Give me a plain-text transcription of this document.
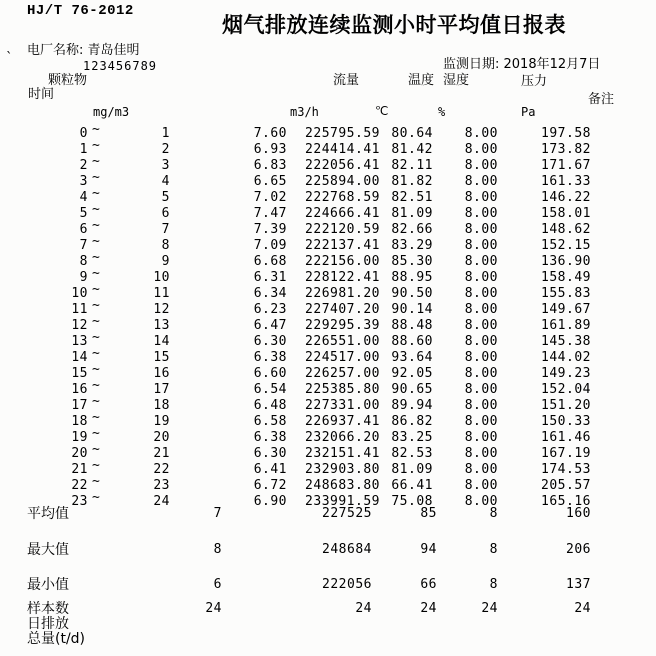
HJ/T 76-2012
烟气排放连续监测小时平均值日报表
电厂名称: 青岛佳明
`	123456789	监测日期: 2018年12月7日
颗粒物	流量	温度 湿度	压力
时间	备注
mg/m3	m3/h	℃	%	Pa
0 ~	1	7.60	225795.59 80.64	8.00	197.58
1 ~	2	6.93	224414.41 81.42	8.00	173.82
2 ~	3	6.83	222056.41 82.11	8.00	171.67
3 ~	4	6.65	225894.00 81.82	8.00	161.33
4 ~	5	7.02	222768.59 82.51	8.00	146.22
5 ~	6	7.47	224666.41 81.09	8.00	158.01
6 ~	7	7.39	222120.59 82.66	8.00	148.62
7 ~	8	7.09	222137.41 83.29	8.00	152.15
8 ~	9	6.68	222156.00 85.30	8.00	136.90
9 ~	10	6.31	228122.41 88.95	8.00	158.49
10 ~	11	6.34	226981.20 90.50	8.00	155.83
11 ~	12	6.23	227407.20 90.14	8.00	149.67
12 ~	13	6.47	229295.39 88.48	8.00	161.89
13 ~	14	6.30	226551.00 88.60	8.00	145.38
14 ~	15	6.38	224517.00 93.64	8.00	144.02
15 ~	16	6.60	226257.00 92.05	8.00	149.23
16 ~	17	6.54	225385.80 90.65	8.00	152.04
17 ~	18	6.48	227331.00 89.94	8.00	151.20
18 ~	19	6.58	226937.41 86.82	8.00	150.33
19 ~	20	6.38	232066.20 83.25	8.00	161.46
20 ~	21	6.30	232151.41 82.53	8.00	167.19
21 ~	22	6.41	232903.80 81.09	8.00	174.53
22 ~	23	6.72	248683.80 66.41	8.00	205.57
23 ~	24	6.90	233991.59 75.08	8.00	165.16
平均值	7	227525	85	8	160
最大值	8	248684	94	8	206
最小值	6	222056	66	8	137
样本数	24	24	24	24	24
日排放
总量(t/d)
